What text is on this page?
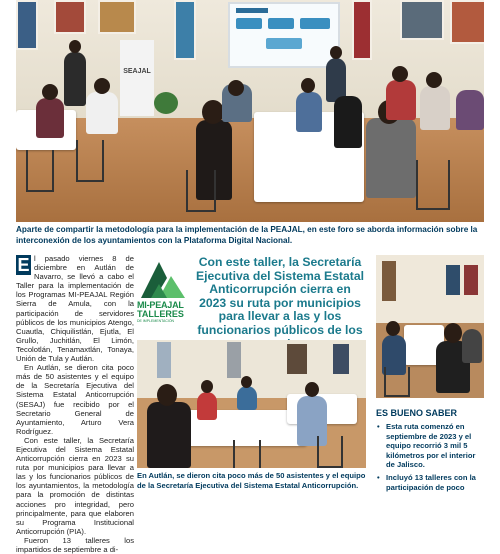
SEAJAL
Aparte de compartir la metodología para la implementación de la PEAJAL, en este foro se aborda información sobre la interconexión de los ayuntamientos con la Plataforma Digital Nacional.

E l pasado viernes 8 de diciembre en Autlán de Navarro, se llevó a cabo el Taller para la implementación de los Programas MI-PEAJAL Región Sierra de Amula, con la participación de servidores públicos de los municipios Atengo, Cuautla, Chiquilistlán, Ejutla, El Grullo, Juchitlán, El Limón, Tecolotlán, Tenamaxtlán, Tonaya, Unión de Tula y Autlán.

En Autlán, se dieron cita poco más de 50 asistentes y el equipo de la Secretaría Ejecutiva del Sistema Estatal Anticorrupción (SESAJ) fue recibido por el Secretario General de Ayuntamiento, Arturo Vera Rodríguez.

Con este taller, la Secretaría Ejecutiva del Sistema Estatal Anticorrupción cierra en 2023 su ruta por municipios para llevar a las y los funcionarios públicos de los ayuntamientos, la metodología para la promoción de distintas acciones pro integridad, pero principalmente, para que elaboren su Programa Institucional Anticorrupción (PIA).

Fueron 13 talleres los impartidos de septiembre a di-

MI-PEAJAL
TALLERES
DE IMPLEMENTACIÓN
Con este taller, la Secretaría Ejecutiva del Sistema Estatal Anticorrupción cierra en 2023 su ruta por municipios para llevar a las y los funcionarios públicos de los
En Autlán, se dieron cita poco más de 50 asistentes y el equipo de la Secretaría Ejecutiva del Sistema Estatal Anticorrupción.
ES BUENO SABER
• Esta ruta comenzó en septiembre de 2023 y el equipo recorrió 3 mil 5 kilómetros por el interior de Jalisco.
• Incluyó 13 talleres con la participación de poco
